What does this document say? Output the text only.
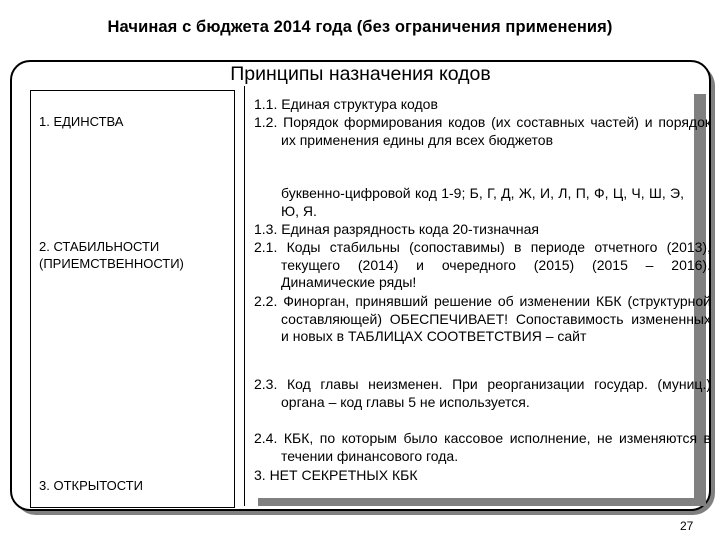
Начиная с бюджета 2014 года (без ограничения применения)
Принципы назначения кодов
1. ЕДИНСТВА
2. СТАБИЛЬНОСТИ
(ПРИЕМСТВЕННОСТИ)
3. ОТКРЫТОСТИ
1.1. Единая структура кодов
1.2. Порядок формирования кодов (их составных частей) и порядок их применения едины для всех бюджетов
буквенно-цифровой код 1-9; Б, Г, Д, Ж, И, Л, П, Ф, Ц, Ч, Ш, Э, Ю, Я.
1.3. Единая разрядность кода 20-тизначная
2.1. Коды стабильны (сопоставимы) в периоде отчетного (2013), текущего (2014) и очередного (2015) (2015 – 2016). Динамические ряды!
2.2. Финорган, принявший решение об изменении КБК (структурной составляющей) ОБЕСПЕЧИВАЕТ! Сопоставимость измененных и новых в ТАБЛИЦАХ СООТВЕТСТВИЯ – сайт
2.3. Код главы неизменен. При реорганизации государ. (муниц.) органа – код главы 5 не используется.
2.4. КБК, по которым было кассовое исполнение, не изменяются в течении финансового года.
3. НЕТ СЕКРЕТНЫХ КБК
27
